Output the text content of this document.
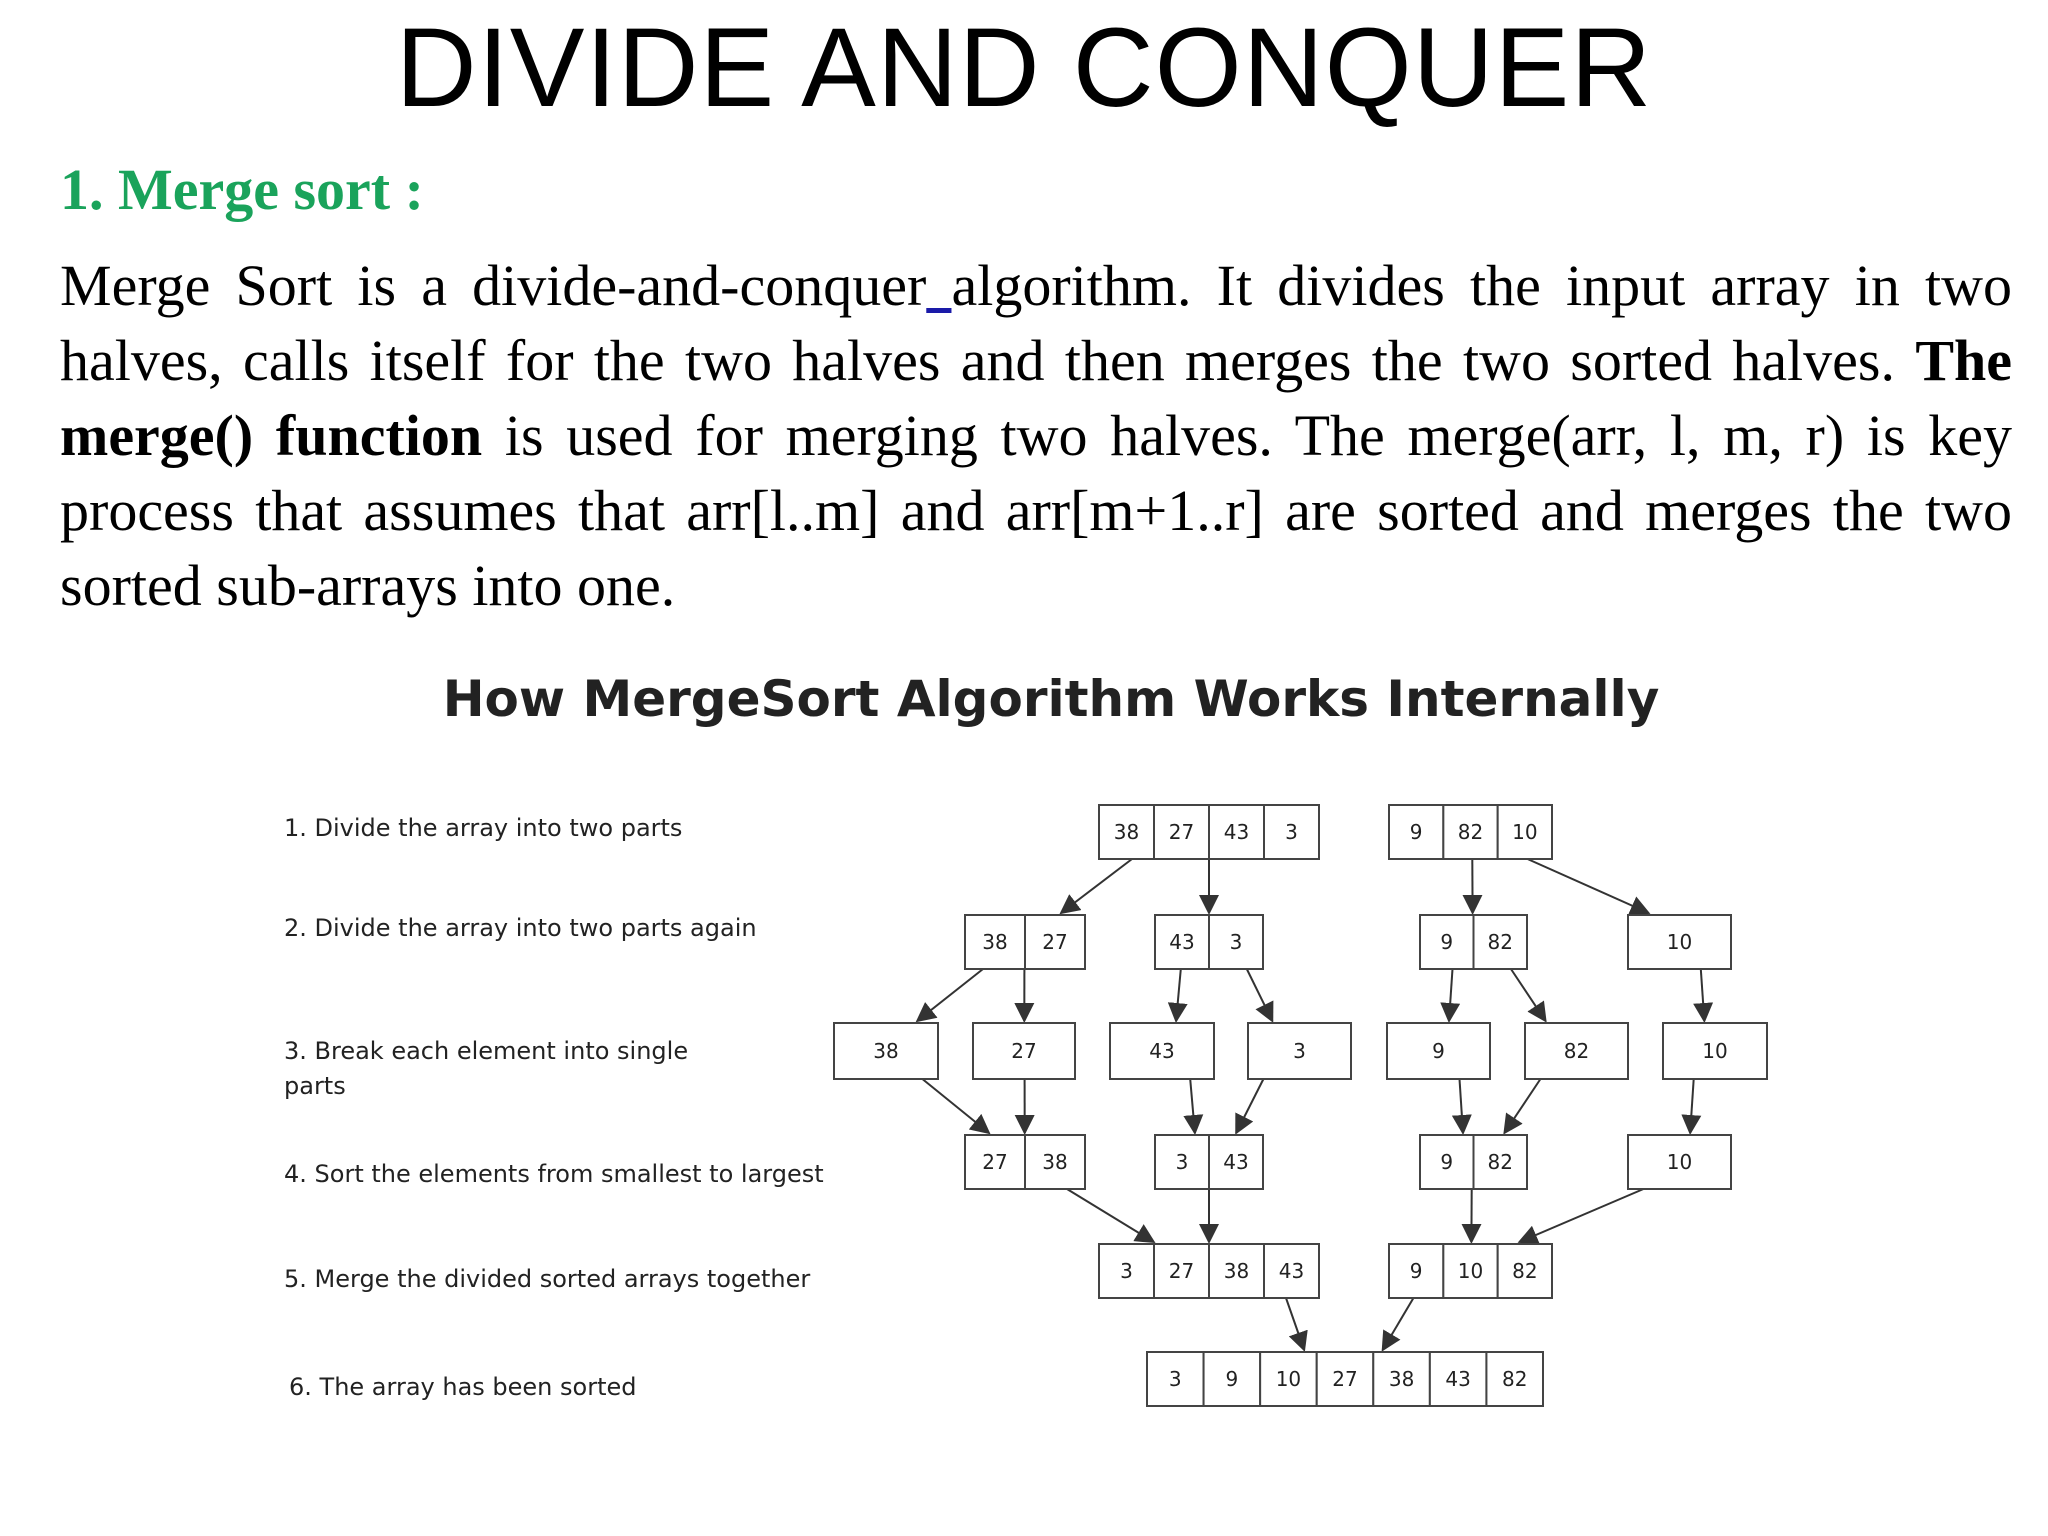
DIVIDE AND CONQUER
1. Merge sort :

Merge Sort is a divide-and-conquer algorithm. It divides the input array in two halves, calls itself for the two halves and then merges the two sorted halves. The merge() function is used for merging two halves. The merge(arr, l, m, r) is key process that assumes that arr[l..m] and arr[m+1..r] are sorted and merges the two sorted sub-arrays into one.

How MergeSort Algorithm Works Internally
1. Divide the array into two parts
2. Divide the array into two parts again
3. Break each element into single
parts
4. Sort the elements from smallest to largest
5. Merge the divided sorted arrays together
6. The array has been sorted
38 27 43 3	9 82 10
38 27	43 3	9 82	10
38	27	43	3	9	82	10
27 38	3 43	9 82	10
3 27 38 43	9 10 82
3 9 10 27 38 43 82
